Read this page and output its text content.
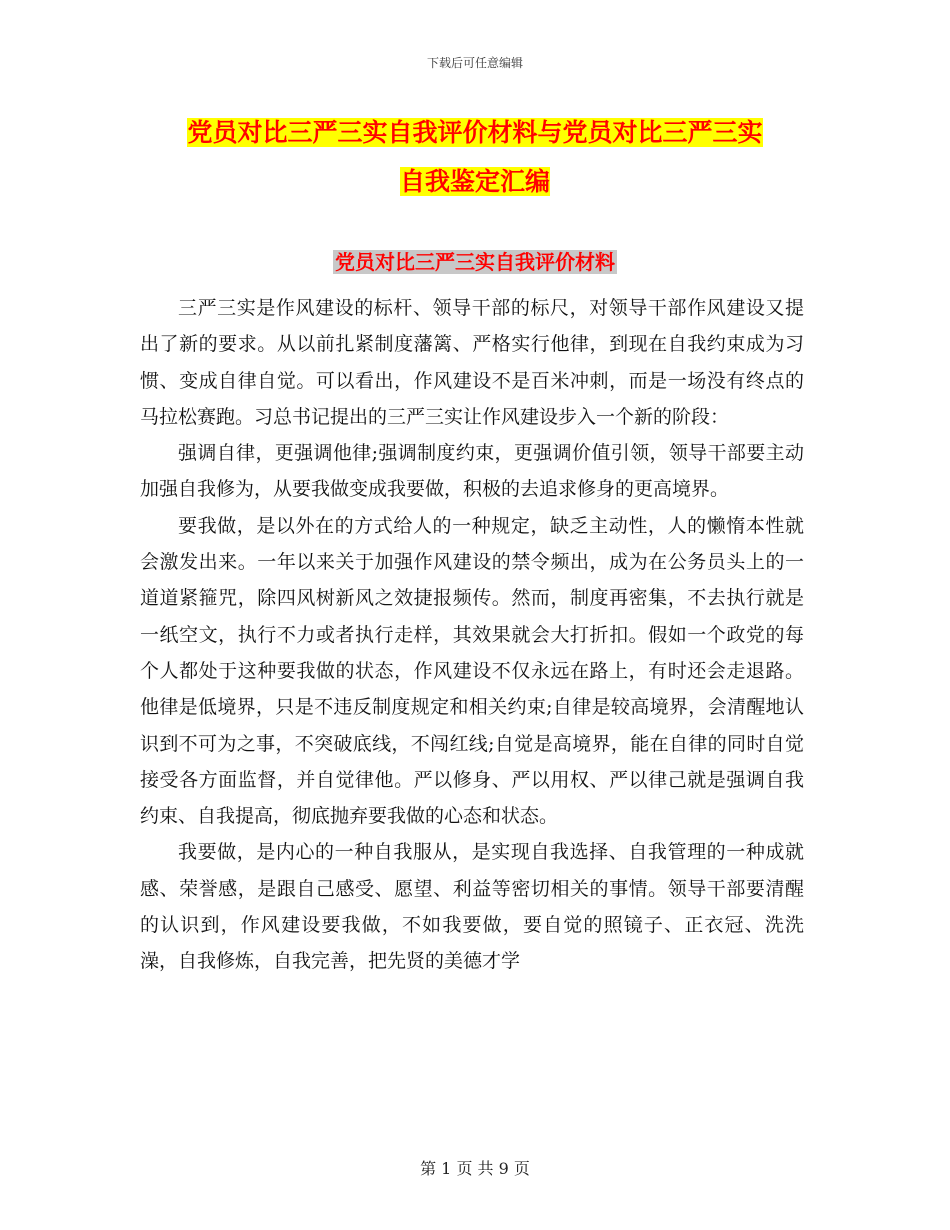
下载后可任意编辑
党员对比三严三实自我评价材料与党员对比三严三实
自我鉴定汇编
党员对比三严三实自我评价材料

三严三实是作风建设的标杆、领导干部的标尺，对领导干部作风建设又提出了新的要求。从以前扎紧制度藩篱、严格实行他律，到现在自我约束成为习惯、变成自律自觉。可以看出，作风建设不是百米冲刺，而是一场没有终点的马拉松赛跑。习总书记提出的三严三实让作风建设步入一个新的阶段：

强调自律，更强调他律;强调制度约束，更强调价值引领，领导干部要主动加强自我修为，从要我做变成我要做，积极的去追求修身的更高境界。

要我做，是以外在的方式给人的一种规定，缺乏主动性，人的懒惰本性就会激发出来。一年以来关于加强作风建设的禁令频出，成为在公务员头上的一道道紧箍咒，除四风树新风之效捷报频传。然而，制度再密集，不去执行就是一纸空文，执行不力或者执行走样，其效果就会大打折扣。假如一个政党的每个人都处于这种要我做的状态，作风建设不仅永远在路上，有时还会走退路。他律是低境界，只是不违反制度规定和相关约束;自律是较高境界，会清醒地认识到不可为之事，不突破底线，不闯红线;自觉是高境界，能在自律的同时自觉接受各方面监督，并自觉律他。严以修身、严以用权、严以律己就是强调自我约束、自我提高，彻底抛弃要我做的心态和状态。

我要做，是内心的一种自我服从，是实现自我选择、自我管理的一种成就感、荣誉感，是跟自己感受、愿望、利益等密切相关的事情。领导干部要清醒的认识到，作风建设要我做，不如我要做，要自觉的照镜子、正衣冠、洗洗澡，自我修炼，自我完善，把先贤的美德才学

第 1 页 共 9 页
